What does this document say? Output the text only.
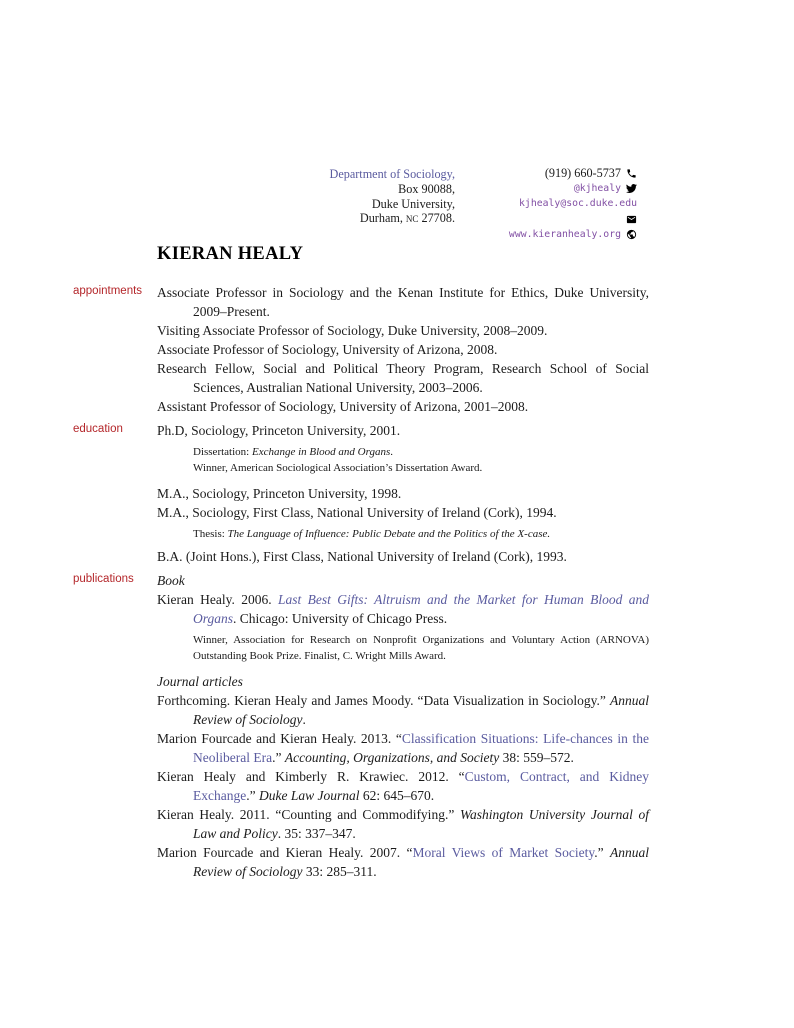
Department of Sociology,
Box 90088,
Duke University,
Durham, nc 27708.
(919) 660-5737
@kjhealy
kjhealy@soc.duke.edu
www.kieranhealy.org
KIERAN HEALY
appointments Associate Professor in Sociology and the Kenan Institute for Ethics, Duke University, 2009–Present.

Visiting Associate Professor of Sociology, Duke University, 2008–2009.

Associate Professor of Sociology, University of Arizona, 2008.

Research Fellow, Social and Political Theory Program, Research School of Social Sciences, Australian National University, 2003–2006.

Assistant Professor of Sociology, University of Arizona, 2001–2008.

education	Ph.D, Sociology, Princeton University, 2001.

Dissertation: Exchange in Blood and Organs.

Winner, American Sociological Association’s Dissertation Award.

M.A., Sociology, Princeton University, 1998.

M.A., Sociology, First Class, National University of Ireland (Cork), 1994.

Thesis: The Language of Influence: Public Debate and the Politics of the X-case.

B.A. (Joint Hons.), First Class, National University of Ireland (Cork), 1993.

publications Book

Kieran Healy. 2006. Last Best Gifts: Altruism and the Market for Human Blood and Organs. Chicago: University of Chicago Press.

Winner, Association for Research on Nonprofit Organizations and Voluntary Action (ARNOVA) Outstanding Book Prize. Finalist, C. Wright Mills Award.

Journal articles

Forthcoming. Kieran Healy and James Moody. “Data Visualization in Sociology.” Annual Review of Sociology.

Marion Fourcade and Kieran Healy. 2013. “Classification Situations: Life-chances in the Neoliberal Era.” Accounting, Organizations, and Society 38: 559–572.

Kieran Healy and Kimberly R. Krawiec. 2012. “Custom, Contract, and Kidney Exchange.” Duke Law Journal 62: 645–670.

Kieran Healy. 2011. “Counting and Commodifying.” Washington University Journal of Law and Policy. 35: 337–347.

Marion Fourcade and Kieran Healy. 2007. “Moral Views of Market Society.” Annual Review of Sociology 33: 285–311.
